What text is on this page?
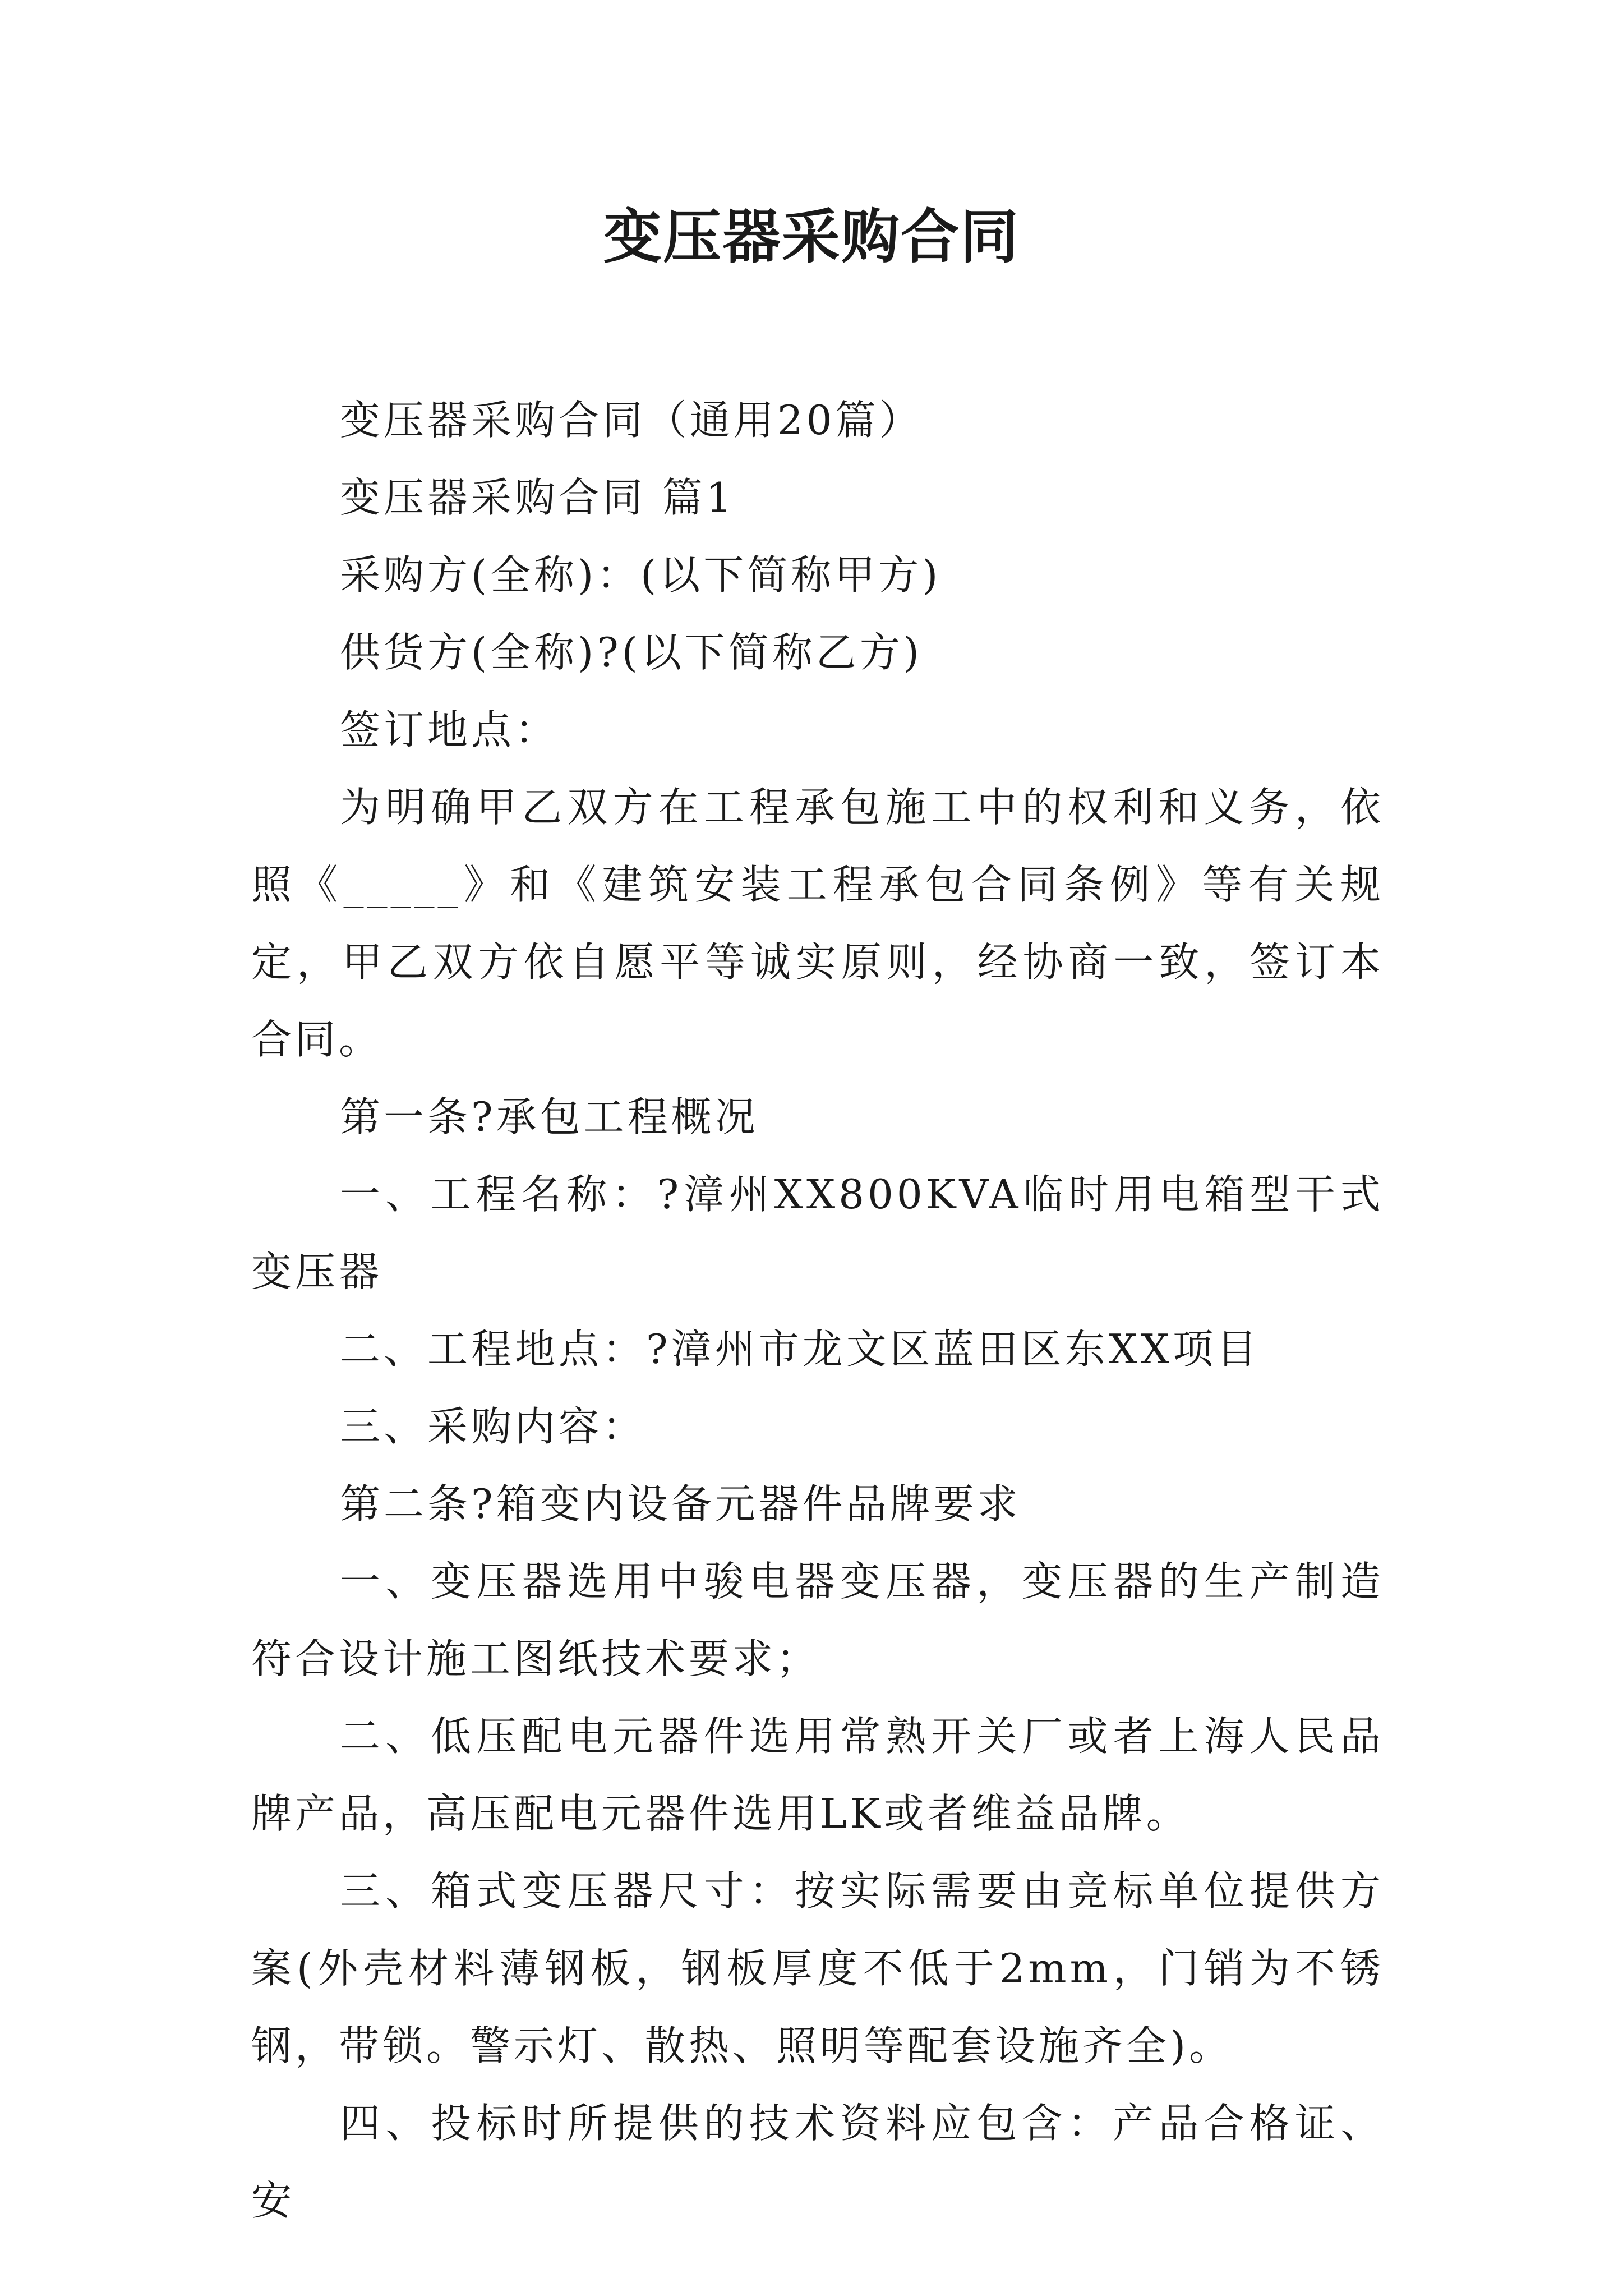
变压器采购合同

变压器采购合同（通用20篇）

变压器采购合同 篇1

采购方(全称)：(以下简称甲方)

供货方(全称)?(以下简称乙方)

签订地点：

为明确甲乙双方在工程承包施工中的权利和义务，依照《_____》和《建筑安装工程承包合同条例》等有关规定，甲乙双方依自愿平等诚实原则，经协商一致，签订本合同。

第一条?承包工程概况

一、工程名称：?漳州XX800KVA临时用电箱型干式变压器

二、工程地点：?漳州市龙文区蓝田区东XX项目

三、采购内容：

第二条?箱变内设备元器件品牌要求

一、变压器选用中骏电器变压器，变压器的生产制造符合设计施工图纸技术要求；

二、低压配电元器件选用常熟开关厂或者上海人民品牌产品，高压配电元器件选用LK或者维益品牌。

三、箱式变压器尺寸：按实际需要由竞标单位提供方案(外壳材料薄钢板，钢板厚度不低于2mm，门销为不锈钢，带锁。警示灯、散热、照明等配套设施齐全)。

四、投标时所提供的技术资料应包含：产品合格证、安
